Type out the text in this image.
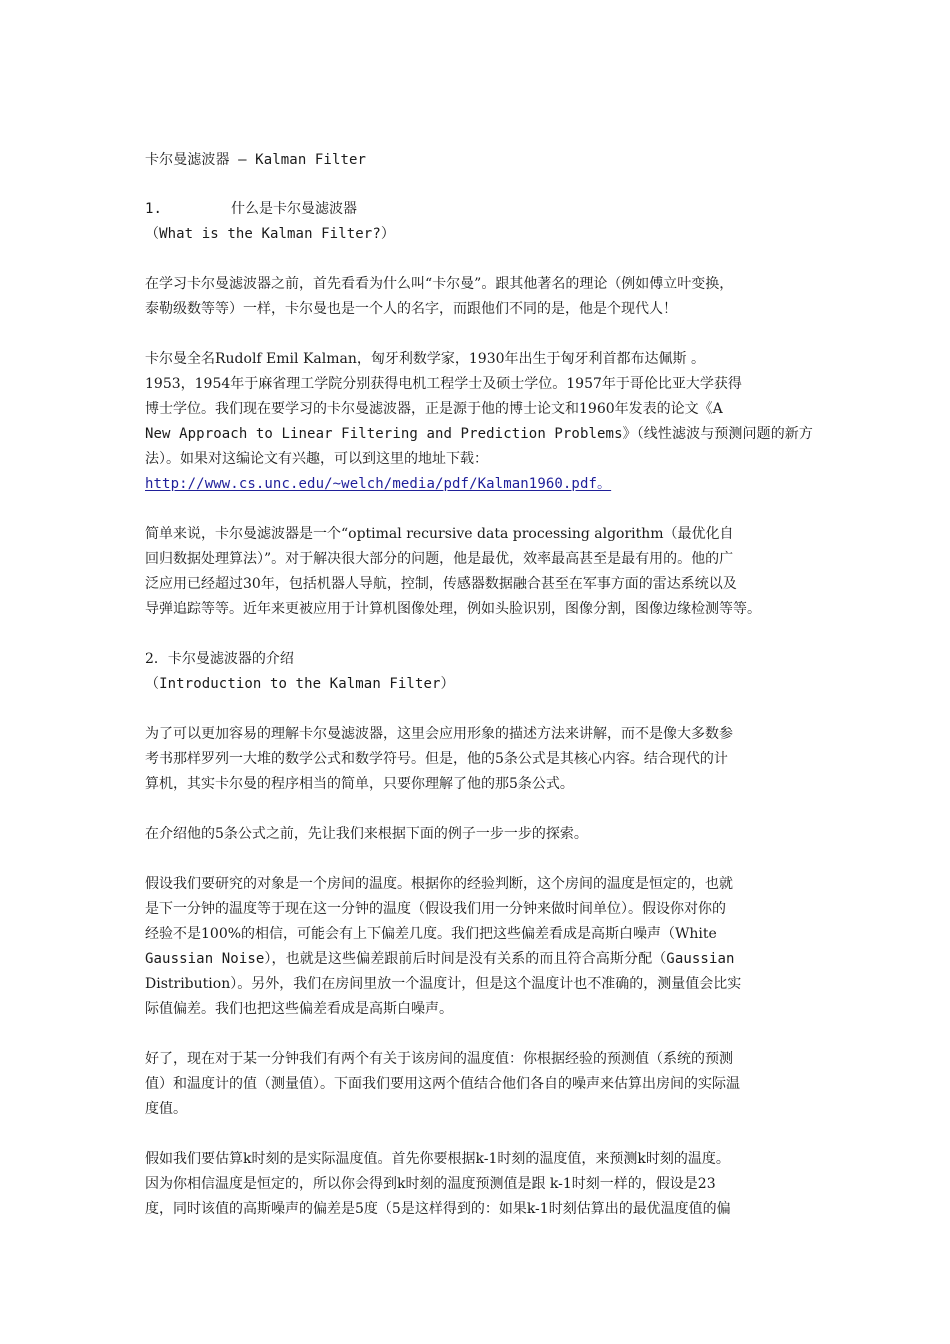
卡尔曼滤波器 – Kalman Filter
1.	什么是卡尔曼滤波器
（What is the Kalman Filter?）
在学习卡尔曼滤波器之前，首先看看为什么叫“卡尔曼”。跟其他著名的理论（例如傅立叶变换，
泰勒级数等等）一样，卡尔曼也是一个人的名字，而跟他们不同的是，他是个现代人！
卡尔曼全名Rudolf Emil Kalman，匈牙利数学家，1930年出生于匈牙利首都布达佩斯 。
1953，1954年于麻省理工学院分别获得电机工程学士及硕士学位。1957年于哥伦比亚大学获得
博士学位。我们现在要学习的卡尔曼滤波器，正是源于他的博士论文和1960年发表的论文《A
New Approach to Linear Filtering and Prediction Problems》（线性滤波与预测问题的新方
法）。如果对这编论文有兴趣，可以到这里的地址下载：
http://www.cs.unc.edu/~welch/media/pdf/Kalman1960.pdf。
简单来说，卡尔曼滤波器是一个“optimal recursive data processing algorithm（最优化自
回归数据处理算法）”。对于解决很大部分的问题，他是最优，效率最高甚至是最有用的。他的广
泛应用已经超过30年，包括机器人导航，控制，传感器数据融合甚至在军事方面的雷达系统以及
导弹追踪等等。近年来更被应用于计算机图像处理，例如头脸识别，图像分割，图像边缘检测等等。
2．卡尔曼滤波器的介绍
（Introduction to the Kalman Filter）
为了可以更加容易的理解卡尔曼滤波器，这里会应用形象的描述方法来讲解，而不是像大多数参
考书那样罗列一大堆的数学公式和数学符号。但是，他的5条公式是其核心内容。结合现代的计
算机，其实卡尔曼的程序相当的简单，只要你理解了他的那5条公式。
在介绍他的5条公式之前，先让我们来根据下面的例子一步一步的探索。
假设我们要研究的对象是一个房间的温度。根据你的经验判断，这个房间的温度是恒定的，也就
是下一分钟的温度等于现在这一分钟的温度（假设我们用一分钟来做时间单位）。假设你对你的
经验不是100%的相信，可能会有上下偏差几度。我们把这些偏差看成是高斯白噪声（White
Gaussian Noise），也就是这些偏差跟前后时间是没有关系的而且符合高斯分配（Gaussian
Distribution）。另外，我们在房间里放一个温度计，但是这个温度计也不准确的，测量值会比实
际值偏差。我们也把这些偏差看成是高斯白噪声。
好了，现在对于某一分钟我们有两个有关于该房间的温度值：你根据经验的预测值（系统的预测
值）和温度计的值（测量值）。下面我们要用这两个值结合他们各自的噪声来估算出房间的实际温
度值。
假如我们要估算k时刻的是实际温度值。首先你要根据k-1时刻的温度值，来预测k时刻的温度。
因为你相信温度是恒定的，所以你会得到k时刻的温度预测值是跟 k-1时刻一样的，假设是23
度，同时该值的高斯噪声的偏差是5度（5是这样得到的：如果k-1时刻估算出的最优温度值的偏
